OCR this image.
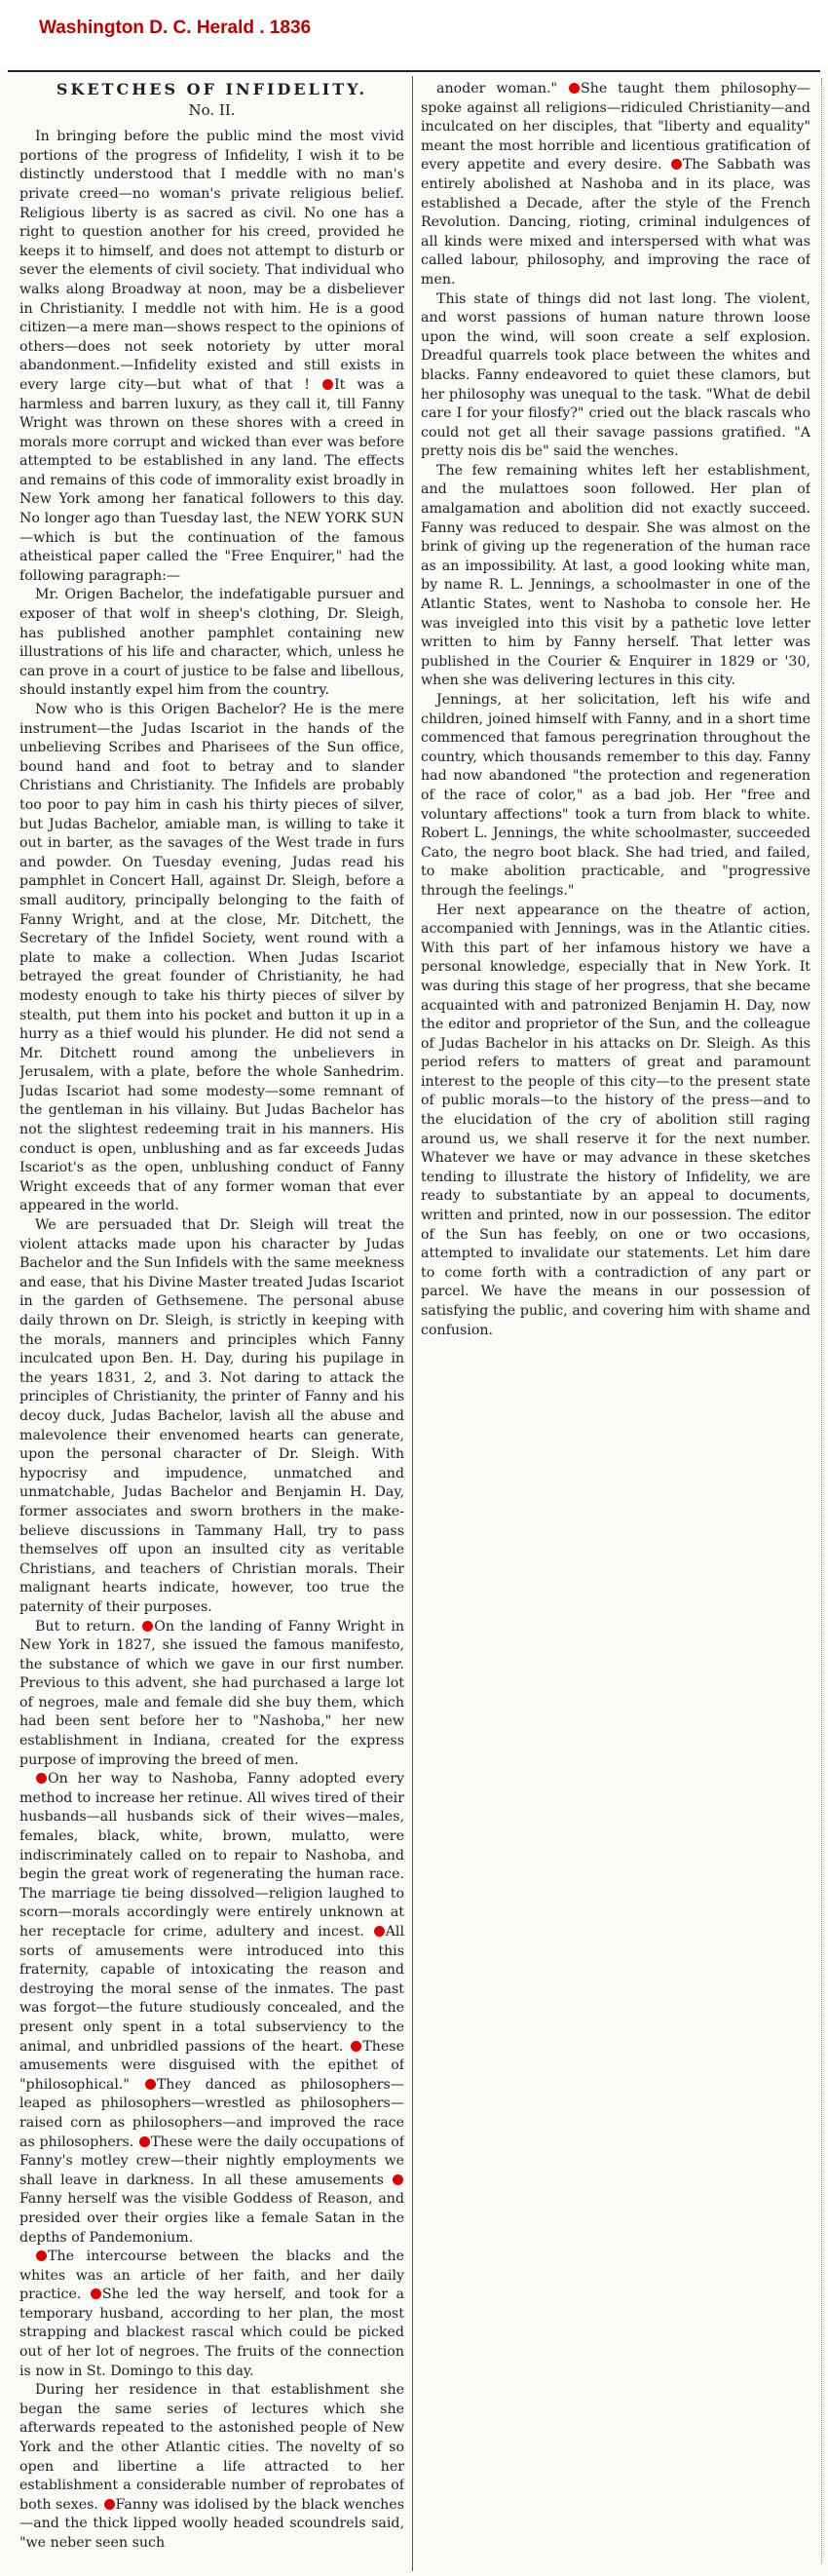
Washington D. C. Herald . 1836
SKETCHES OF INFIDELITY.
No. II.

In bringing before the public mind the most vivid portions of the progress of Infidelity, I wish it to be distinctly understood that I meddle with no man's private creed—no woman's private religious belief. Religious liberty is as sacred as civil. No one has a right to question another for his creed, provided he keeps it to himself, and does not attempt to disturb or sever the elements of civil society. That individual who walks along Broadway at noon, may be a disbeliever in Christianity. I meddle not with him. He is a good citizen—a mere man—shows respect to the opinions of others—does not seek notoriety by utter moral abandonment.—Infidelity existed and still exists in every large city—but what of that ! It was a harmless and barren luxury, as they call it, till Fanny Wright was thrown on these shores with a creed in morals more corrupt and wicked than ever was before attempted to be established in any land. The effects and remains of this code of immorality exist broadly in New York among her fanatical followers to this day. No longer ago than Tuesday last, the NEW YORK SUN—which is but the continuation of the famous atheistical paper called the "Free Enquirer," had the following paragraph:—

Mr. Origen Bachelor, the indefatigable pursuer and exposer of that wolf in sheep's clothing, Dr. Sleigh, has published another pamphlet containing new illustrations of his life and character, which, unless he can prove in a court of justice to be false and libellous, should instantly expel him from the country.

Now who is this Origen Bachelor? He is the mere instrument—the Judas Iscariot in the hands of the unbelieving Scribes and Pharisees of the Sun office, bound hand and foot to betray and to slander Christians and Christianity. The Infidels are probably too poor to pay him in cash his thirty pieces of silver, but Judas Bachelor, amiable man, is willing to take it out in barter, as the savages of the West trade in furs and powder. On Tuesday evening, Judas read his pamphlet in Concert Hall, against Dr. Sleigh, before a small auditory, principally belonging to the faith of Fanny Wright, and at the close, Mr. Ditchett, the Secretary of the Infidel Society, went round with a plate to make a collection. When Judas Iscariot betrayed the great founder of Christianity, he had modesty enough to take his thirty pieces of silver by stealth, put them into his pocket and button it up in a hurry as a thief would his plunder. He did not send a Mr. Ditchett round among the unbelievers in Jerusalem, with a plate, before the whole Sanhedrim. Judas Iscariot had some modesty—some remnant of the gentleman in his villainy. But Judas Bachelor has not the slightest redeeming trait in his manners. His conduct is open, unblushing and as far exceeds Judas Iscariot's as the open, unblushing conduct of Fanny Wright exceeds that of any former woman that ever appeared in the world.

We are persuaded that Dr. Sleigh will treat the violent attacks made upon his character by Judas Bachelor and the Sun Infidels with the same meekness and ease, that his Divine Master treated Judas Iscariot in the garden of Gethsemene. The personal abuse daily thrown on Dr. Sleigh, is strictly in keeping with the morals, manners and principles which Fanny inculcated upon Ben. H. Day, during his pupilage in the years 1831, 2, and 3. Not daring to attack the principles of Christianity, the printer of Fanny and his decoy duck, Judas Bachelor, lavish all the abuse and malevolence their envenomed hearts can generate, upon the personal character of Dr. Sleigh. With hypocrisy and impudence, unmatched and unmatchable, Judas Bachelor and Benjamin H. Day, former associates and sworn brothers in the make-believe discussions in Tammany Hall, try to pass themselves off upon an insulted city as veritable Christians, and teachers of Christian morals. Their malignant hearts indicate, however, too true the paternity of their purposes.

But to return. On the landing of Fanny Wright in New York in 1827, she issued the famous manifesto, the substance of which we gave in our first number. Previous to this advent, she had purchased a large lot of negroes, male and female did she buy them, which had been sent before her to "Nashoba," her new establishment in Indiana, created for the express purpose of improving the breed of men.

On her way to Nashoba, Fanny adopted every method to increase her retinue. All wives tired of their husbands—all husbands sick of their wives—males, females, black, white, brown, mulatto, were indiscriminately called on to repair to Nashoba, and begin the great work of regenerating the human race. The marriage tie being dissolved—religion laughed to scorn—morals accordingly were entirely unknown at her receptacle for crime, adultery and incest. All sorts of amusements were introduced into this fraternity, capable of intoxicating the reason and destroying the moral sense of the inmates. The past was forgot—the future studiously concealed, and the present only spent in a total subserviency to the animal, and unbridled passions of the heart. These amusements were disguised with the epithet of "philosophical." They danced as philosophers—leaped as philosophers—wrestled as philosophers—raised corn as philosophers—and improved the race as philosophers. These were the daily occupations of Fanny's motley crew—their nightly employments we shall leave in darkness. In all these amusements Fanny herself was the visible Goddess of Reason, and presided over their orgies like a female Satan in the depths of Pandemonium.

The intercourse between the blacks and the whites was an article of her faith, and her daily practice. She led the way herself, and took for a temporary husband, according to her plan, the most strapping and blackest rascal which could be picked out of her lot of negroes. The fruits of the connection is now in St. Domingo to this day.

During her residence in that establishment she began the same series of lectures which she afterwards repeated to the astonished people of New York and the other Atlantic cities. The novelty of so open and libertine a life attracted to her establishment a considerable number of reprobates of both sexes. Fanny was idolised by the black wenches—and the thick lipped woolly headed scoundrels said, "we neber seen such

anoder woman." She taught them philosophy—spoke against all religions—ridiculed Christianity—and inculcated on her disciples, that "liberty and equality" meant the most horrible and licentious gratification of every appetite and every desire. The Sabbath was entirely abolished at Nashoba and in its place, was established a Decade, after the style of the French Revolution. Dancing, rioting, criminal indulgences of all kinds were mixed and interspersed with what was called labour, philosophy, and improving the race of men.

This state of things did not last long. The violent, and worst passions of human nature thrown loose upon the wind, will soon create a self explosion. Dreadful quarrels took place between the whites and blacks. Fanny endeavored to quiet these clamors, but her philosophy was unequal to the task. "What de debil care I for your filosfy?" cried out the black rascals who could not get all their savage passions gratified. "A pretty nois dis be" said the wenches.

The few remaining whites left her establishment, and the mulattoes soon followed. Her plan of amalgamation and abolition did not exactly succeed. Fanny was reduced to despair. She was almost on the brink of giving up the regeneration of the human race as an impossibility. At last, a good looking white man, by name R. L. Jennings, a schoolmaster in one of the Atlantic States, went to Nashoba to console her. He was inveigled into this visit by a pathetic love letter written to him by Fanny herself. That letter was published in the Courier & Enquirer in 1829 or '30, when she was delivering lectures in this city.

Jennings, at her solicitation, left his wife and children, joined himself with Fanny, and in a short time commenced that famous peregrination throughout the country, which thousands remember to this day. Fanny had now abandoned "the protection and regeneration of the race of color," as a bad job. Her "free and voluntary affections" took a turn from black to white. Robert L. Jennings, the white schoolmaster, succeeded Cato, the negro boot black. She had tried, and failed, to make abolition practicable, and "progressive through the feelings."

Her next appearance on the theatre of action, accompanied with Jennings, was in the Atlantic cities. With this part of her infamous history we have a personal knowledge, especially that in New York. It was during this stage of her progress, that she became acquainted with and patronized Benjamin H. Day, now the editor and proprietor of the Sun, and the colleague of Judas Bachelor in his attacks on Dr. Sleigh. As this period refers to matters of great and paramount interest to the people of this city—to the present state of public morals—to the history of the press—and to the elucidation of the cry of abolition still raging around us, we shall reserve it for the next number. Whatever we have or may advance in these sketches tending to illustrate the history of Infidelity, we are ready to substantiate by an appeal to documents, written and printed, now in our possession. The editor of the Sun has feebly, on one or two occasions, attempted to invalidate our statements. Let him dare to come forth with a contradiction of any part or parcel. We have the means in our possession of satisfying the public, and covering him with shame and confusion.
